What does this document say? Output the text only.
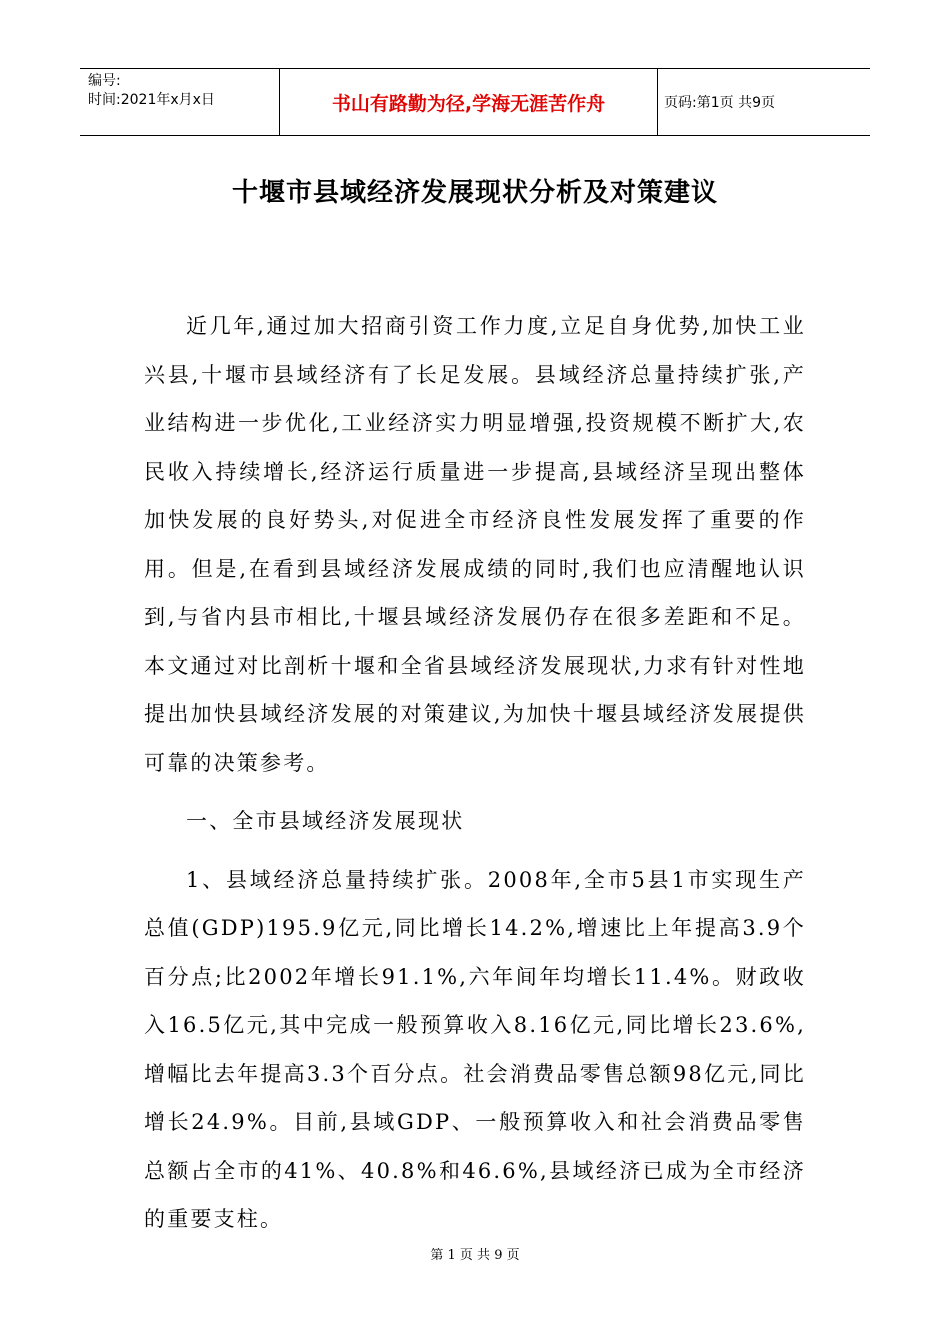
编号:
时间:2021年x月x日	书山有路勤为径,学海无涯苦作舟	页码:第1页 共9页
十堰市县域经济发展现状分析及对策建议

近几年,通过加大招商引资工作力度,立足自身优势,加快工业兴县,十堰市县域经济有了长足发展。县域经济总量持续扩张,产业结构进一步优化,工业经济实力明显增强,投资规模不断扩大,农民收入持续增长,经济运行质量进一步提高,县域经济呈现出整体加快发展的良好势头,对促进全市经济良性发展发挥了重要的作用。但是,在看到县域经济发展成绩的同时,我们也应清醒地认识到,与省内县市相比,十堰县域经济发展仍存在很多差距和不足。本文通过对比剖析十堰和全省县域经济发展现状,力求有针对性地提出加快县域经济发展的对策建议,为加快十堰县域经济发展提供可靠的决策参考。

一、全市县域经济发展现状

1、县域经济总量持续扩张。2008年,全市5县1市实现生产总值(GDP)195.9亿元,同比增长14.2%,增速比上年提高3.9个百分点;比2002年增长91.1%,六年间年均增长11.4%。财政收入16.5亿元,其中完成一般预算收入8.16亿元,同比增长23.6%,增幅比去年提高3.3个百分点。社会消费品零售总额98亿元,同比增长24.9%。目前,县域GDP、一般预算收入和社会消费品零售总额占全市的41%、40.8%和46.6%,县域经济已成为全市经济的重要支柱。

第 1 页 共 9 页
